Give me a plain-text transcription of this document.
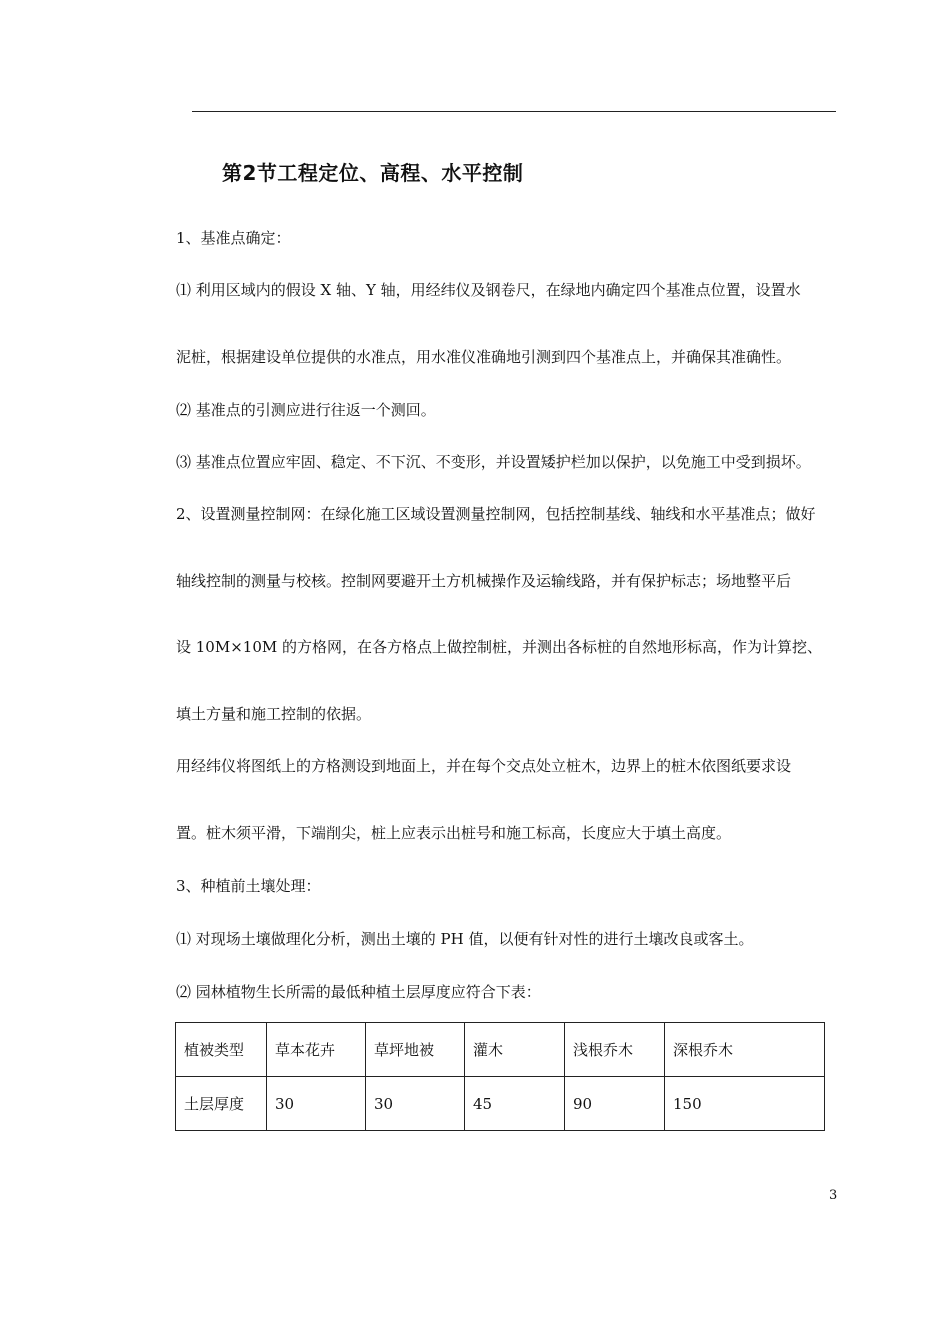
第2节工程定位、高程、水平控制
1、基准点确定：
⑴ 利用区域内的假设 X 轴、Y 轴，用经纬仪及钢卷尺，在绿地内确定四个基准点位置，设置水
泥桩，根据建设单位提供的水准点，用水准仪准确地引测到四个基准点上，并确保其准确性。
⑵ 基准点的引测应进行往返一个测回。
⑶ 基准点位置应牢固、稳定、不下沉、不变形，并设置矮护栏加以保护，以免施工中受到损坏。
2、设置测量控制网：在绿化施工区域设置测量控制网，包括控制基线、轴线和水平基准点；做好
轴线控制的测量与校核。控制网要避开土方机械操作及运输线路，并有保护标志；场地整平后
设 10M×10M 的方格网，在各方格点上做控制桩，并测出各标桩的自然地形标高，作为计算挖、
填土方量和施工控制的依据。
用经纬仪将图纸上的方格测设到地面上，并在每个交点处立桩木，边界上的桩木依图纸要求设
置。桩木须平滑，下端削尖，桩上应表示出桩号和施工标高，长度应大于填土高度。
3、种植前土壤处理：
⑴ 对现场土壤做理化分析，测出土壤的 PH 值，以便有针对性的进行土壤改良或客土。
⑵ 园林植物生长所需的最低种植土层厚度应符合下表：
植被类型	草本花卉	草坪地被	灌木	浅根乔木	深根乔木
土层厚度	30	30	45	90	150
3
